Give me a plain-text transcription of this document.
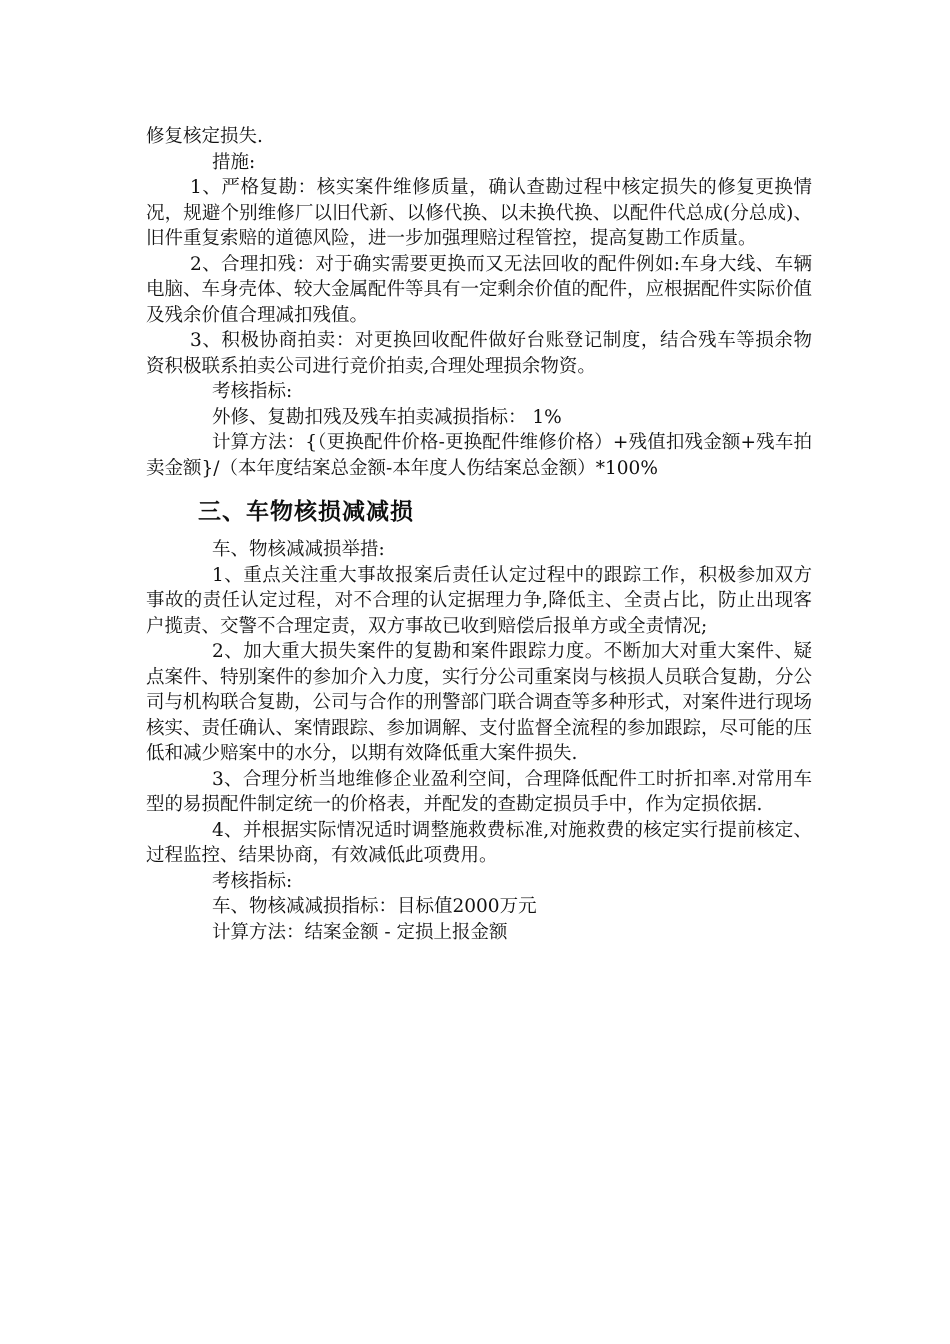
修复核定损失.

措施:

1、严格复勘：核实案件维修质量，确认查勘过程中核定损失的修复更换情况，规避个别维修厂以旧代新、以修代换、以未换代换、以配件代总成(分总成)、旧件重复索赔的道德风险，进一步加强理赔过程管控，提高复勘工作质量。

2、合理扣残：对于确实需要更换而又无法回收的配件例如:车身大线、车辆电脑、车身壳体、较大金属配件等具有一定剩余价值的配件，应根据配件实际价值及残余价值合理减扣残值。

3、积极协商拍卖：对更换回收配件做好台账登记制度，结合残车等损余物资积极联系拍卖公司进行竞价拍卖,合理处理损余物资。

考核指标:

外修、复勘扣残及残车拍卖减损指标： 1%

计算方法：{（更换配件价格-更换配件维修价格）+残值扣残金额+残车拍卖金额}/（本年度结案总金额-本年度人伤结案总金额）*100%

三、车物核损减减损

车、物核减减损举措:

1、重点关注重大事故报案后责任认定过程中的跟踪工作，积极参加双方事故的责任认定过程，对不合理的认定据理力争,降低主、全责占比，防止出现客户揽责、交警不合理定责，双方事故已收到赔偿后报单方或全责情况;

2、加大重大损失案件的复勘和案件跟踪力度。不断加大对重大案件、疑点案件、特别案件的参加介入力度，实行分公司重案岗与核损人员联合复勘，分公司与机构联合复勘，公司与合作的刑警部门联合调查等多种形式，对案件进行现场核实、责任确认、案情跟踪、参加调解、支付监督全流程的参加跟踪，尽可能的压低和减少赔案中的水分，以期有效降低重大案件损失.

3、合理分析当地维修企业盈利空间，合理降低配件工时折扣率.对常用车型的易损配件制定统一的价格表，并配发的查勘定损员手中，作为定损依据.

4、并根据实际情况适时调整施救费标准,对施救费的核定实行提前核定、过程监控、结果协商，有效减低此项费用。

考核指标:

车、物核减减损指标：目标值2000万元

计算方法：结案金额 - 定损上报金额
